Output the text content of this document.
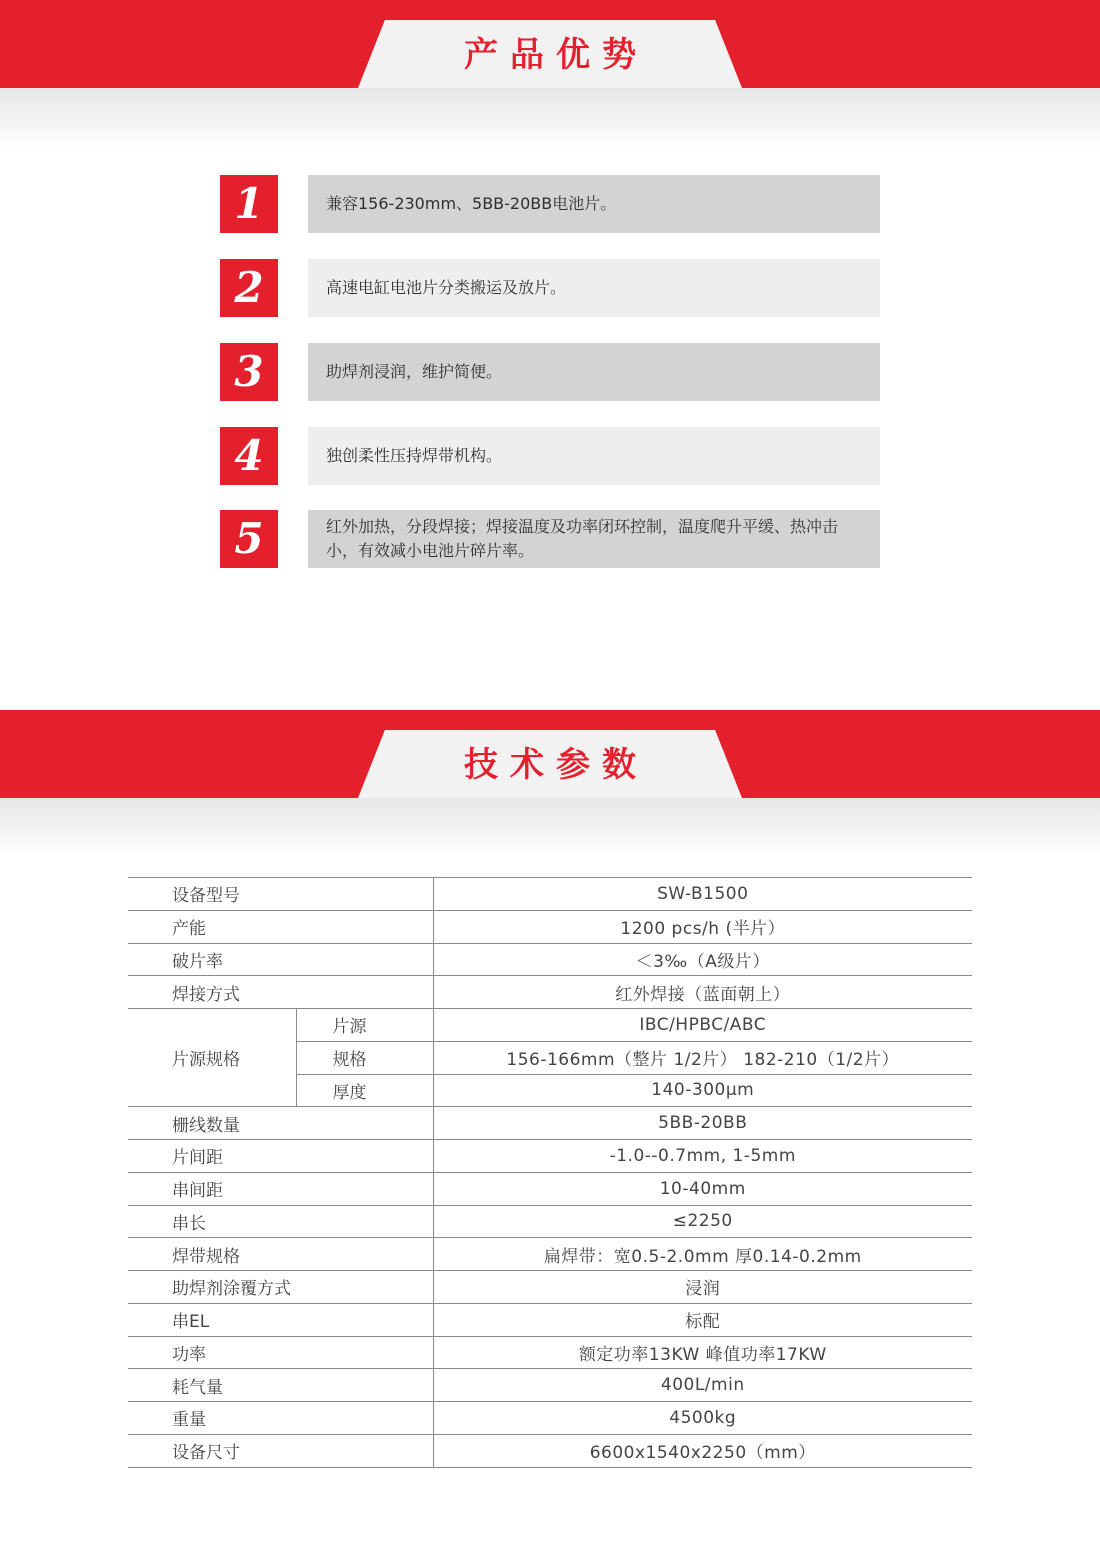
产品优势
1	兼容156-230mm、5BB-20BB电池片。
2	高速电缸电池片分类搬运及放片。
3	助焊剂浸润，维护简便。
4	独创柔性压持焊带机构。
5	红外加热，分段焊接；焊接温度及功率闭环控制，温度爬升平缓、热冲击小，有效减小电池片碎片率。
技术参数
设备型号		SW-B1500
产能		1200 pcs/h (半片）
破片率		＜3‰（A级片）
焊接方式		红外焊接（蓝面朝上）
片源规格	片源	IBC/HPBC/ABC
	规格	156-166mm（整片 1/2片） 182-210（1/2片）
	厚度	140-300μm
栅线数量		5BB-20BB
片间距		-1.0--0.7mm, 1-5mm
串间距		10-40mm
串长		≤2250
焊带规格		扁焊带：宽0.5-2.0mm 厚0.14-0.2mm
助焊剂涂覆方式		浸润
串EL		标配
功率		额定功率13KW 峰值功率17KW
耗气量		400L/min
重量		4500kg
设备尺寸		6600x1540x2250（mm）
